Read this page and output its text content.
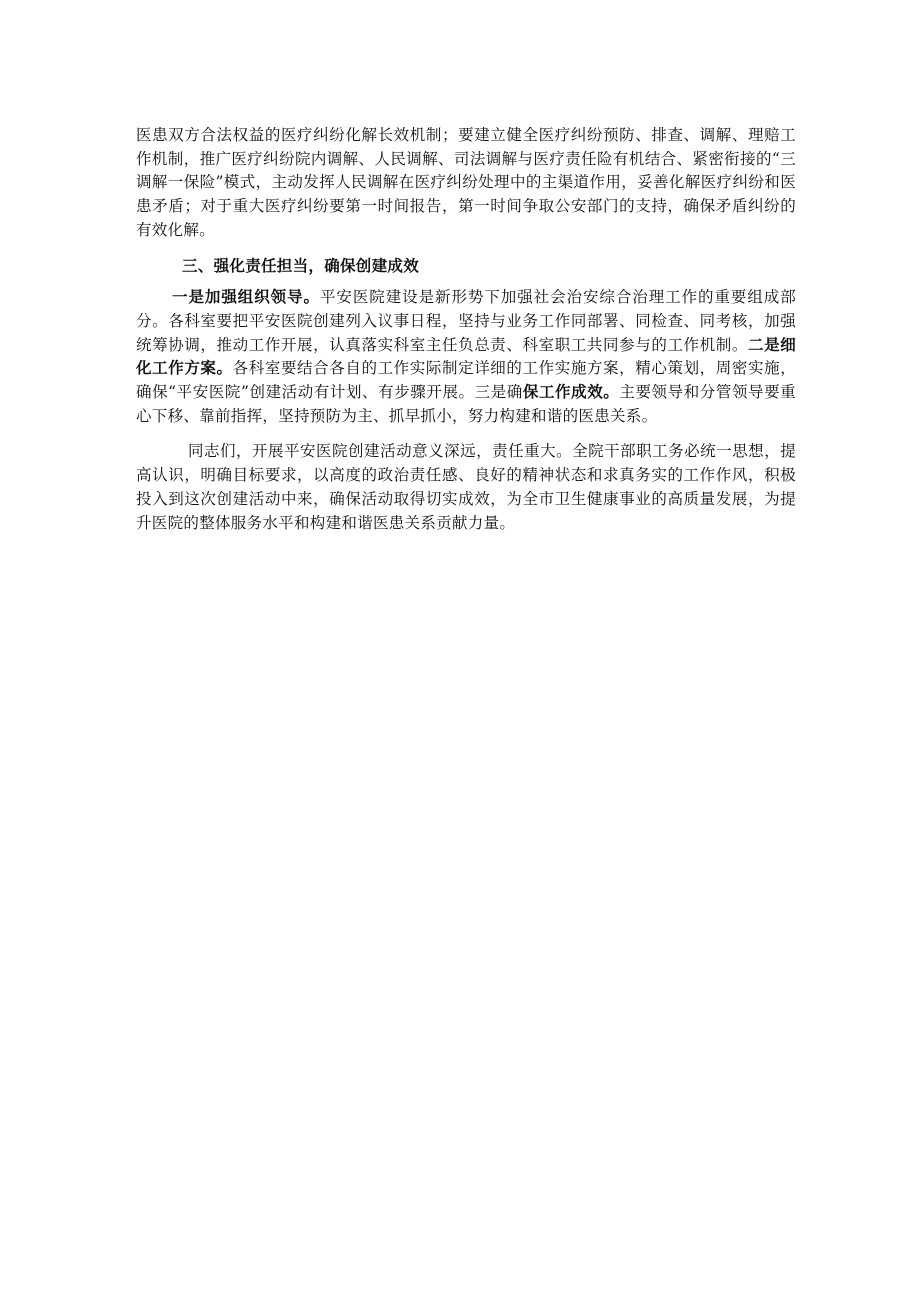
医患双方合法权益的医疗纠纷化解长效机制；要建立健全医疗纠纷预防、排查、调解、理赔工作机制，推广医疗纠纷院内调解、人民调解、司法调解与医疗责任险有机结合、紧密衔接的“三调解一保险”模式，主动发挥人民调解在医疗纠纷处理中的主渠道作用，妥善化解医疗纠纷和医患矛盾；对于重大医疗纠纷要第一时间报告，第一时间争取公安部门的支持，确保矛盾纠纷的有效化解。

三、强化责任担当，确保创建成效

一是加强组织领导。平安医院建设是新形势下加强社会治安综合治理工作的重要组成部分。各科室要把平安医院创建列入议事日程，坚持与业务工作同部署、同检查、同考核，加强统筹协调，推动工作开展，认真落实科室主任负总责、科室职工共同参与的工作机制。二是细化工作方案。各科室要结合各自的工作实际制定详细的工作实施方案，精心策划，周密实施，确保“平安医院”创建活动有计划、有步骤开展。三是确保工作成效。主要领导和分管领导要重心下移、靠前指挥，坚持预防为主、抓早抓小，努力构建和谐的医患关系。

同志们，开展平安医院创建活动意义深远，责任重大。全院干部职工务必统一思想，提高认识，明确目标要求，以高度的政治责任感、良好的精神状态和求真务实的工作作风，积极投入到这次创建活动中来，确保活动取得切实成效，为全市卫生健康事业的高质量发展，为提升医院的整体服务水平和构建和谐医患关系贡献力量。
